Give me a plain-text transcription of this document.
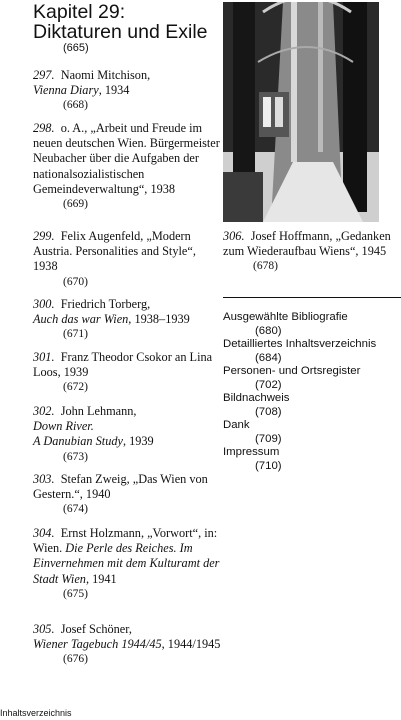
Kapitel 29: Diktaturen und Exile
(665)
297. Naomi Mitchison,
Vienna Diary, 1934
(668)
298. o. A., „Arbeit und Freude im neuen deutschen Wien. Bürgermeister Neubacher über die Aufgaben der nationalsozialistischen Gemeindeverwaltung“, 1938
(669)
299. Felix Augenfeld, „Modern Austria. Personalities and Style“, 1938
(670)
300. Friedrich Torberg,
Auch das war Wien, 1938–1939
(671)
301. Franz Theodor Csokor an Lina Loos, 1939
(672)
302. John Lehmann,
Down River.
A Danubian Study, 1939
(673)
303. Stefan Zweig, „Das Wien von Gestern.“, 1940
(674)
304. Ernst Holzmann, „Vorwort“, in: Wien. Die Perle des Reiches. Im Einvernehmen mit dem Kulturamt der Stadt Wien, 1941
(675)
305. Josef Schöner,
Wiener Tagebuch 1944/45, 1944/1945
(676)
306. Josef Hoffmann, „Gedanken zum Wiederaufbau Wiens“, 1945
(678)
Ausgewählte Bibliografie
(680)
Detailliertes Inhaltsverzeichnis
(684)
Personen- und Ortsregister
(702)
Bildnachweis
(708)
Dank
(709)
Impressum
(710)
Inhaltsverzeichnis
